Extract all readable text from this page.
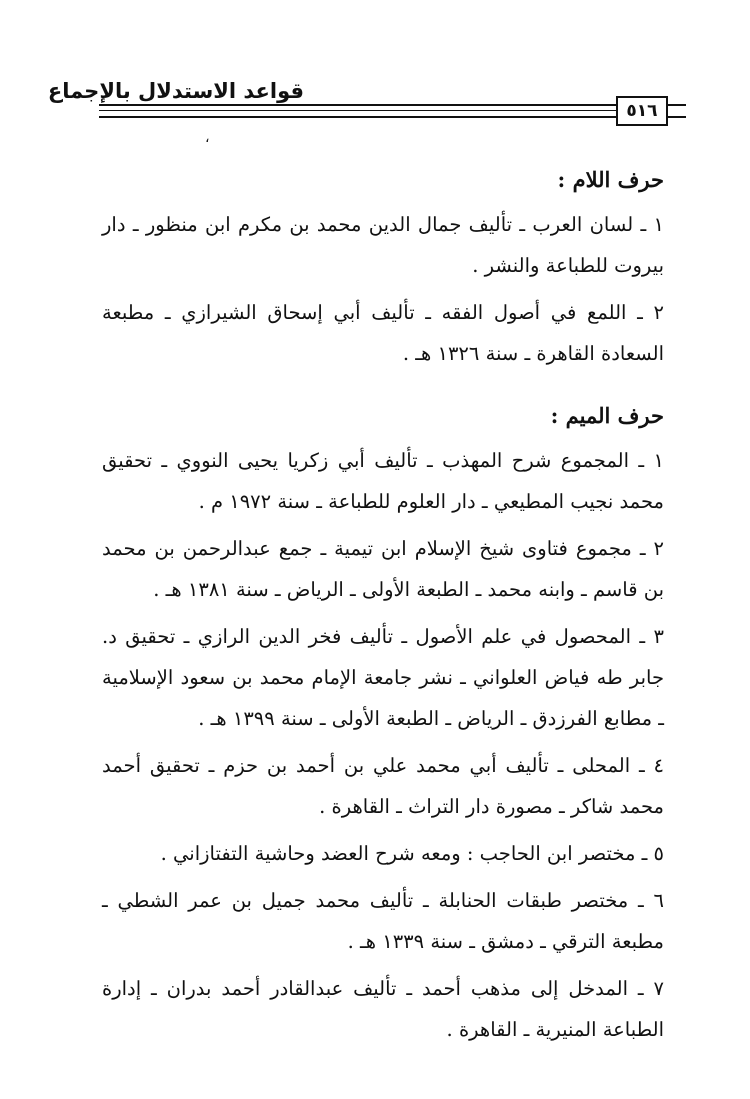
قواعد الاستدلال بالإجماع
٥١٦
،
حرف اللام :

١ ـ لسان العرب ـ تأليف جمال الدين محمد بن مكرم ابن منظور ـ دار بيروت للطباعة والنشر .

٢ ـ اللمع في أصول الفقه ـ تأليف أبي إسحاق الشيرازي ـ مطبعة السعادة القاهرة ـ سنة ١٣٢٦ هـ .

حرف الميم :

١ ـ المجموع شرح المهذب ـ تأليف أبي زكريا يحيى النووي ـ تحقيق محمد نجيب المطيعي ـ دار العلوم للطباعة ـ سنة ١٩٧٢ م .

٢ ـ مجموع فتاوى شيخ الإسلام ابن تيمية ـ جمع عبدالرحمن بن محمد بن قاسم ـ وابنه محمد ـ الطبعة الأولى ـ الرياض ـ سنة ١٣٨١ هـ .

٣ ـ المحصول في علم الأصول ـ تأليف فخر الدين الرازي ـ تحقيق د. جابر طه فياض العلواني ـ نشر جامعة الإمام محمد بن سعود الإسلامية ـ مطابع الفرزدق ـ الرياض ـ الطبعة الأولى ـ سنة ١٣٩٩ هـ .

٤ ـ المحلى ـ تأليف أبي محمد علي بن أحمد بن حزم ـ تحقيق أحمد محمد شاكر ـ مصورة دار التراث ـ القاهرة .

٥ ـ مختصر ابن الحاجب : ومعه شرح العضد وحاشية التفتازاني .

٦ ـ مختصر طبقات الحنابلة ـ تأليف محمد جميل بن عمر الشطي ـ مطبعة الترقي ـ دمشق ـ سنة ١٣٣٩ هـ .

٧ ـ المدخل إلى مذهب أحمد ـ تأليف عبدالقادر أحمد بدران ـ إدارة الطباعة المنيرية ـ القاهرة .
